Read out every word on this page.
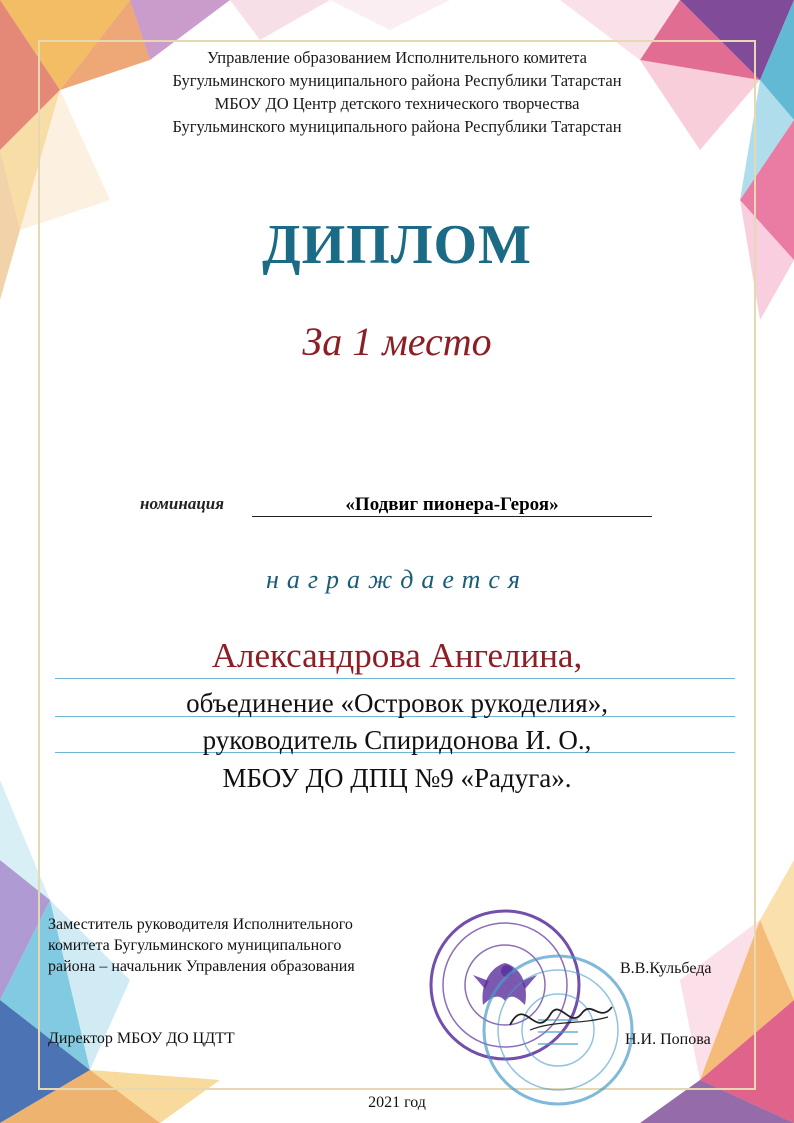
Управление образованием Исполнительного комитета
Бугульминского муниципального района Республики Татарстан
МБОУ ДО Центр детского технического творчества
Бугульминского муниципального района Республики Татарстан
ДИПЛОМ
За 1 место
номинация	«Подвиг пионера-Героя»
награждается
Александрова Ангелина,
объединение «Островок рукоделия»,
руководитель Спиридонова И. О.,
МБОУ ДО ДПЦ №9 «Радуга».
Заместитель руководителя Исполнительного
комитета Бугульминского муниципального
района – начальник Управления образования	В.В.Кульбеда
Директор МБОУ ДО ЦДТТ	Н.И. Попова
2021 год
